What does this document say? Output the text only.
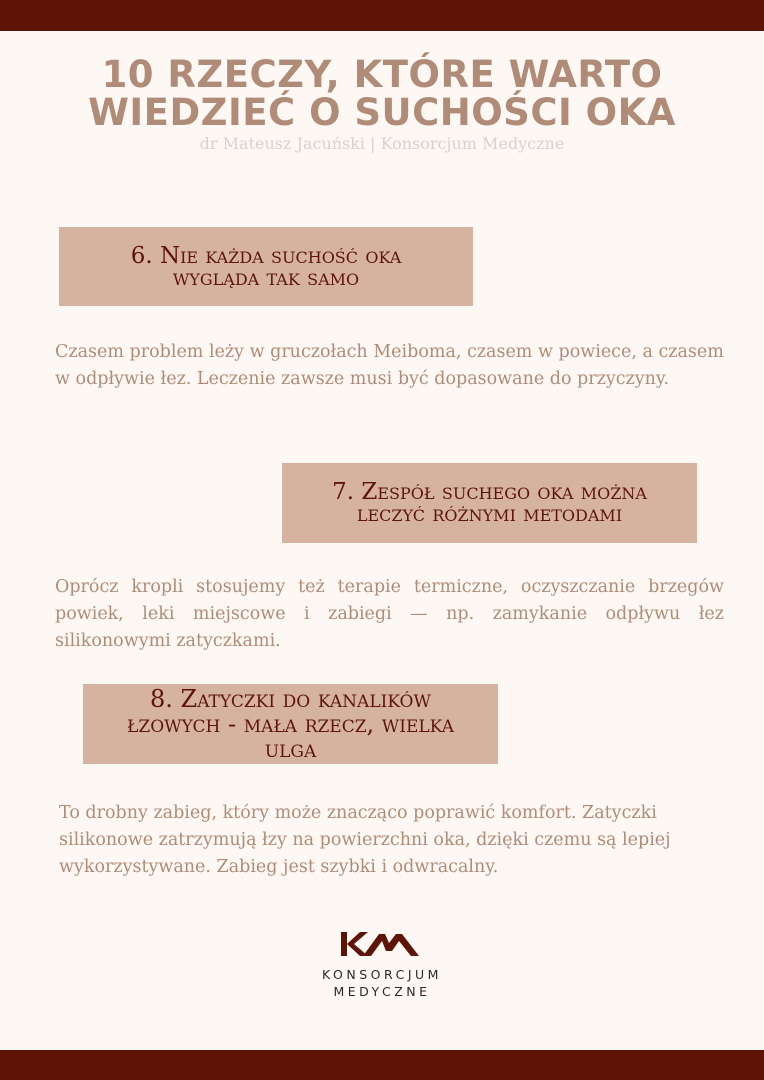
10 RZECZY, KTÓRE WARTO
WIEDZIEĆ O SUCHOŚCI OKA
dr Mateusz Jacuński | Konsorcjum Medyczne
6. Nie każda suchość oka
wygląda tak samo

Czasem problem leży w gruczołach Meiboma, czasem w powiece, a czasem w odpływie łez. Leczenie zawsze musi być dopasowane do przyczyny.

7. Zespół suchego oka można
leczyć różnymi metodami

Oprócz kropli stosujemy też terapie termiczne, oczyszczanie brzegów powiek, leki miejscowe i zabiegi — np. zamykanie odpływu łez silikonowymi zatyczkami.

8. Zatyczki do kanalików
łzowych - mała rzecz, wielka
ulga

To drobny zabieg, który może znacząco poprawić komfort. Zatyczki silikonowe zatrzymują łzy na powierzchni oka, dzięki czemu są lepiej wykorzystywane. Zabieg jest szybki i odwracalny.

KONSORCJUM
MEDYCZNE
